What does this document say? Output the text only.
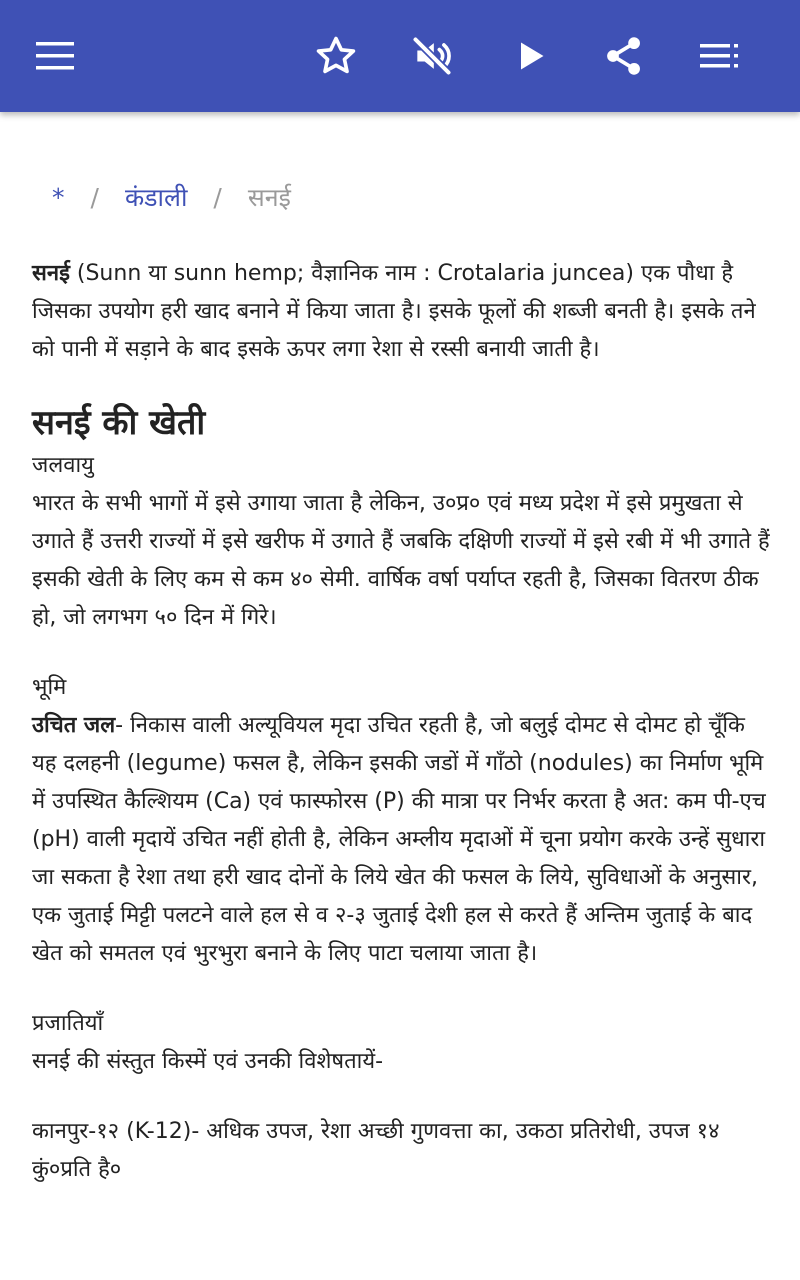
* / कंडाली / सनई

सनई (Sunn या sunn hemp; वैज्ञानिक नाम : Crotalaria juncea) एक पौधा है जिसका उपयोग हरी खाद बनाने में किया जाता है। इसके फूलों की शब्जी बनती है। इसके तने को पानी में सड़ाने के बाद इसके ऊपर लगा रेशा से रस्सी बनायी जाती है।

सनई की खेती

जलवायु

भारत के सभी भागों में इसे उगाया जाता है लेकिन, उ०प्र० एवं मध्य प्रदेश में इसे प्रमुखता से उगाते हैं उत्तरी राज्यों में इसे खरीफ में उगाते हैं जबकि दक्षिणी राज्यों में इसे रबी में भी उगाते हैं इसकी खेती के लिए कम से कम ४० सेमी. वार्षिक वर्षा पर्याप्त रहती है, जिसका वितरण ठीक हो, जो लगभग ५० दिन में गिरे।

भूमि

उचित जल- निकास वाली अल्यूवियल मृदा उचित रहती है, जो बलुई दोमट से दोमट हो चूँकि यह दलहनी (legume) फसल है, लेकिन इसकी जडों में गाँठो (nodules) का निर्माण भूमि में उपस्थित कैल्शियम (Ca) एवं फास्फोरस (P) की मात्रा पर निर्भर करता है अत: कम पी-एच (pH) वाली मृदायें उचित नहीं होती है, लेकिन अम्लीय मृदाओं में चूना प्रयोग करके उन्हें सुधारा जा सकता है रेशा तथा हरी खाद दोनों के लिये खेत की फसल के लिये, सुविधाओं के अनुसार, एक जुताई मिट्टी पलटने वाले हल से व २-३ जुताई देशी हल से करते हैं अन्तिम जुताई के बाद खेत को समतल एवं भुरभुरा बनाने के लिए पाटा चलाया जाता है।

प्रजातियाँ

सनई की संस्तुत किस्में एवं उनकी विशेषतायें-

कानपुर-१२ (K-12)- अधिक उपज, रेशा अच्छी गुणवत्ता का, उकठा प्रतिरोधी, उपज १४ कुं०प्रति है०
